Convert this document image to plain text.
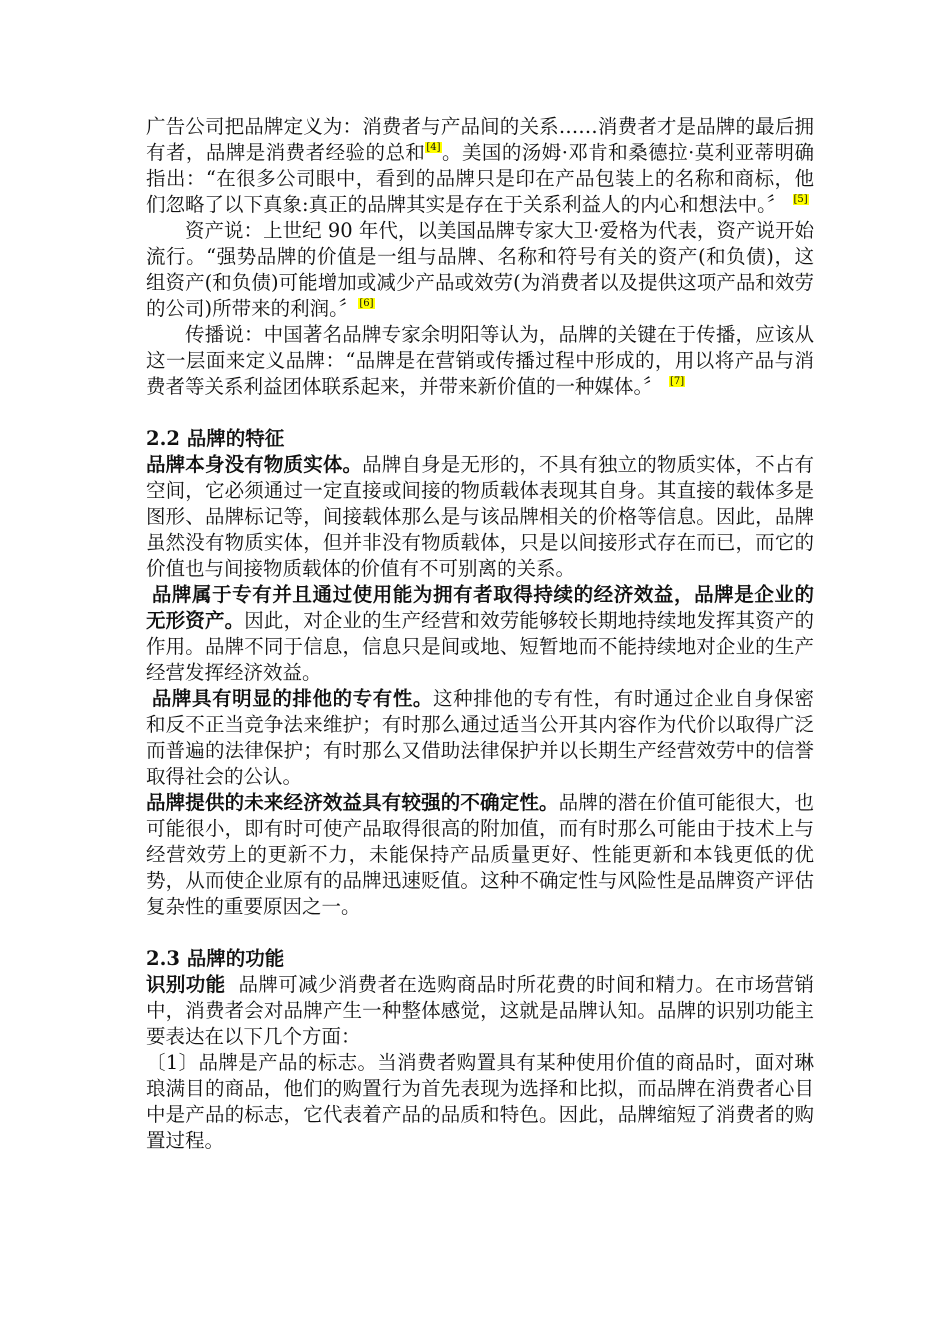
广告公司把品牌定义为：消费者与产品间的关系……消费者才是品牌的最后拥有者，品牌是消费者经验的总和[4]。美国的汤姆·邓肯和桑德拉·莫利亚蒂明确指出：“在很多公司眼中，看到的品牌只是印在产品包装上的名称和商标，他们忽略了以下真象:真正的品牌其实是存在于关系利益人的内心和想法中。〞 [5]

资产说：上世纪 90 年代，以美国品牌专家大卫·爱格为代表，资产说开始流行。“强势品牌的价值是一组与品牌、名称和符号有关的资产(和负债)，这组资产(和负债)可能增加或减少产品或效劳(为消费者以及提供这项产品和效劳的公司)所带来的利润。〞[6]

传播说：中国著名品牌专家余明阳等认为，品牌的关键在于传播，应该从这一层面来定义品牌：“品牌是在营销或传播过程中形成的，用以将产品与消费者等关系利益团体联系起来，并带来新价值的一种媒体。〞 [7]

2.2 品牌的特征

品牌本身没有物质实体。品牌自身是无形的，不具有独立的物质实体，不占有空间，它必须通过一定直接或间接的物质载体表现其自身。其直接的载体多是图形、品牌标记等，间接载体那么是与该品牌相关的价格等信息。因此，品牌虽然没有物质实体，但并非没有物质载体，只是以间接形式存在而已，而它的价值也与间接物质载体的价值有不可别离的关系。

品牌属于专有并且通过使用能为拥有者取得持续的经济效益，品牌是企业的无形资产。因此，对企业的生产经营和效劳能够较长期地持续地发挥其资产的作用。品牌不同于信息，信息只是间或地、短暂地而不能持续地对企业的生产经营发挥经济效益。

品牌具有明显的排他的专有性。这种排他的专有性，有时通过企业自身保密和反不正当竞争法来维护；有时那么通过适当公开其内容作为代价以取得广泛而普遍的法律保护；有时那么又借助法律保护并以长期生产经营效劳中的信誉取得社会的公认。

品牌提供的未来经济效益具有较强的不确定性。品牌的潜在价值可能很大，也可能很小，即有时可使产品取得很高的附加值，而有时那么可能由于技术上与经营效劳上的更新不力，未能保持产品质量更好、性能更新和本钱更低的优势，从而使企业原有的品牌迅速贬值。这种不确定性与风险性是品牌资产评估复杂性的重要原因之一。

2.3 品牌的功能

识别功能  品牌可减少消费者在选购商品时所花费的时间和精力。在市场营销中，消费者会对品牌产生一种整体感觉，这就是品牌认知。品牌的识别功能主要表达在以下几个方面：

〔1〕品牌是产品的标志。当消费者购置具有某种使用价值的商品时，面对琳琅满目的商品，他们的购置行为首先表现为选择和比拟，而品牌在消费者心目中是产品的标志，它代表着产品的品质和特色。因此，品牌缩短了消费者的购置过程。
